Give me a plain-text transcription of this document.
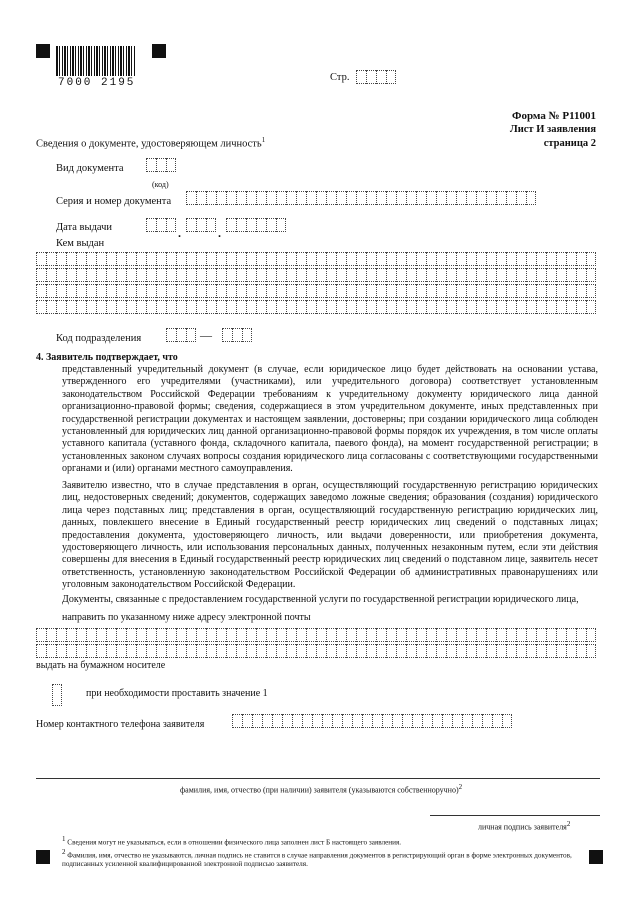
7000 2195	Стр.
Форма № Р11001
Лист И заявления
страница 2
Сведения о документе, удостоверяющем личность$^1$
Вид документа
(код)
Серия и номер документа
Дата выдачи	.	.
Кем выдан
Код подразделения	—
4. Заявитель подтверждает, что
представленный учредительный документ (в случае, если юридическое лицо будет действовать на основании устава, утвержденного его учредителями (участниками), или учредительного договора) соответствует установленным законодательством Российской Федерации требованиям к учредительному документу юридического лица данной организационно-правовой формы; сведения, содержащиеся в этом учредительном документе, иных представленных при государственной регистрации документах и настоящем заявлении, достоверны; при создании юридического лица соблюден установленный для юридических лиц данной организационно-правовой формы порядок их учреждения, в том числе оплаты уставного капитала (уставного фонда, складочного капитала, паевого фонда), на момент государственной регистрации; в установленных законом случаях вопросы создания юридического лица согласованы с соответствующими государственными органами и (или) органами местного самоуправления.
Заявителю известно, что в случае представления в орган, осуществляющий государственную регистрацию юридических лиц, недостоверных сведений; документов, содержащих заведомо ложные сведения; образования (создания) юридического лица через подставных лиц; представления в орган, осуществляющий государственную регистрацию юридических лиц, данных, повлекшего внесение в Единый государственный реестр юридических лиц сведений о подставных лицах; предоставления документа, удостоверяющего личность, или выдачи доверенности, или приобретения документа, удостоверяющего личность, или использования персональных данных, полученных незаконным путем, если эти действия совершены для внесения в Единый государственный реестр юридических лиц сведений о подставном лице, заявитель несет ответственность, установленную законодательством Российской Федерации об административных правонарушениях или уголовным законодательством Российской Федерации.
Документы, связанные с предоставлением государственной услуги по государственной регистрации юридического лица,
направить по указанному ниже адресу электронной почты
выдать на бумажном носителе
при необходимости проставить значение 1
Номер контактного телефона заявителя
фамилия, имя, отчество (при наличии) заявителя (указываются собственноручно)$^2$
личная подпись заявителя$^2$
$^1$ Сведения могут не указываться, если в отношении физического лица заполнен лист Б настоящего заявления.
$^2$ Фамилия, имя, отчество не указываются, личная подпись не ставится в случае направления документов в регистрирующий орган в форме электронных документов, подписанных усиленной квалифицированной электронной подписью заявителя.
